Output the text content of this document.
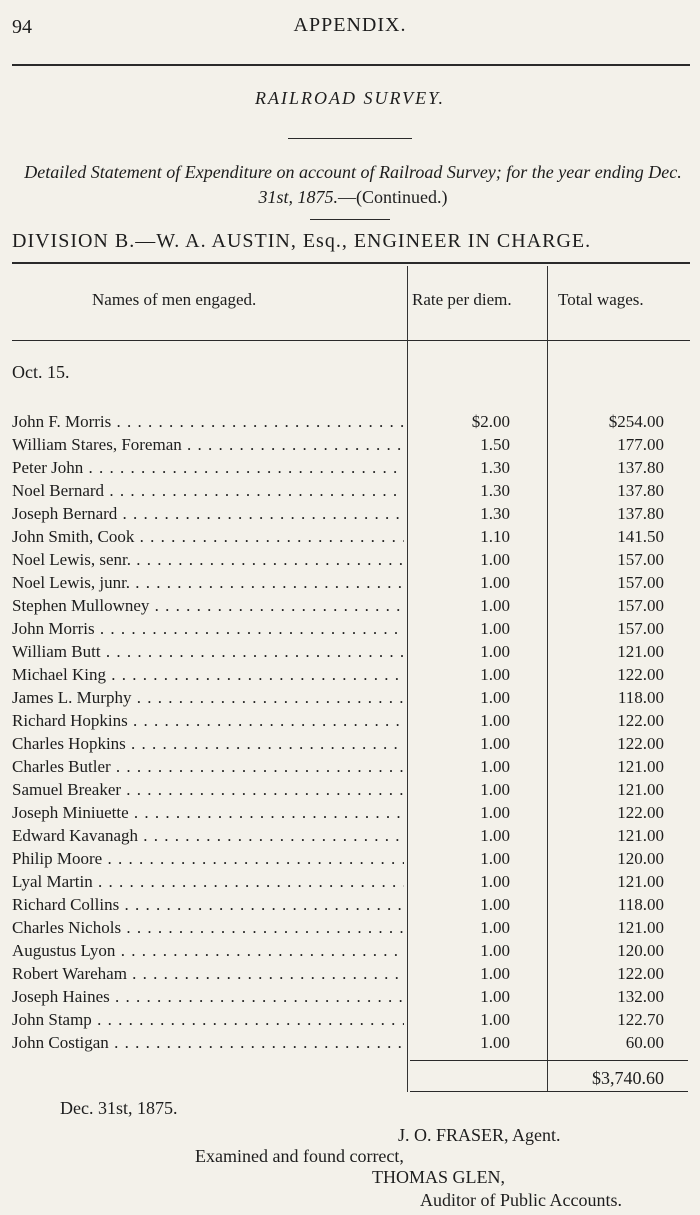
94	APPENDIX.
RAILROAD SURVEY.
Detailed Statement of Expenditure on account of Railroad Survey; for the year ending Dec. 31st, 1875.—(Continued.)
DIVISION B.—W. A. AUSTIN, Esq., ENGINEER IN CHARGE.
Names of men engaged.	Rate per diem.	Total wages.
Oct. 15.
John F. Morris . . .	$2.00	$254.00
William Stares, Foreman . . .	1.50	177.00
Peter John . . .	1.30	137.80
Noel Bernard . . .	1.30	137.80
Joseph Bernard . . .	1.30	137.80
John Smith, Cook . . .	1.10	141.50
Noel Lewis, senr. . . .	1.00	157.00
Noel Lewis, junr. . . .	1.00	157.00
Stephen Mullowney . . .	1.00	157.00
John Morris . . .	1.00	157.00
William Butt . . .	1.00	121.00
Michael King . . .	1.00	122.00
James L. Murphy . . .	1.00	118.00
Richard Hopkins . . .	1.00	122.00
Charles Hopkins . . .	1.00	122.00
Charles Butler . . .	1.00	121.00
Samuel Breaker . . .	1.00	121.00
Joseph Miniuette . . .	1.00	122.00
Edward Kavanagh . . .	1.00	121.00
Philip Moore . . .	1.00	120.00
Lyal Martin . . .	1.00	121.00
Richard Collins . . .	1.00	118.00
Charles Nichols . . .	1.00	121.00
Augustus Lyon . . .	1.00	120.00
Robert Wareham . . .	1.00	122.00
Joseph Haines . . .	1.00	132.00
John Stamp . . .	1.00	122.70
John Costigan . . .	1.00	60.00
$3,740.60
Dec. 31st, 1875.
J. O. FRASER, Agent.
Examined and found correct,
THOMAS GLEN,
Auditor of Public Accounts.
